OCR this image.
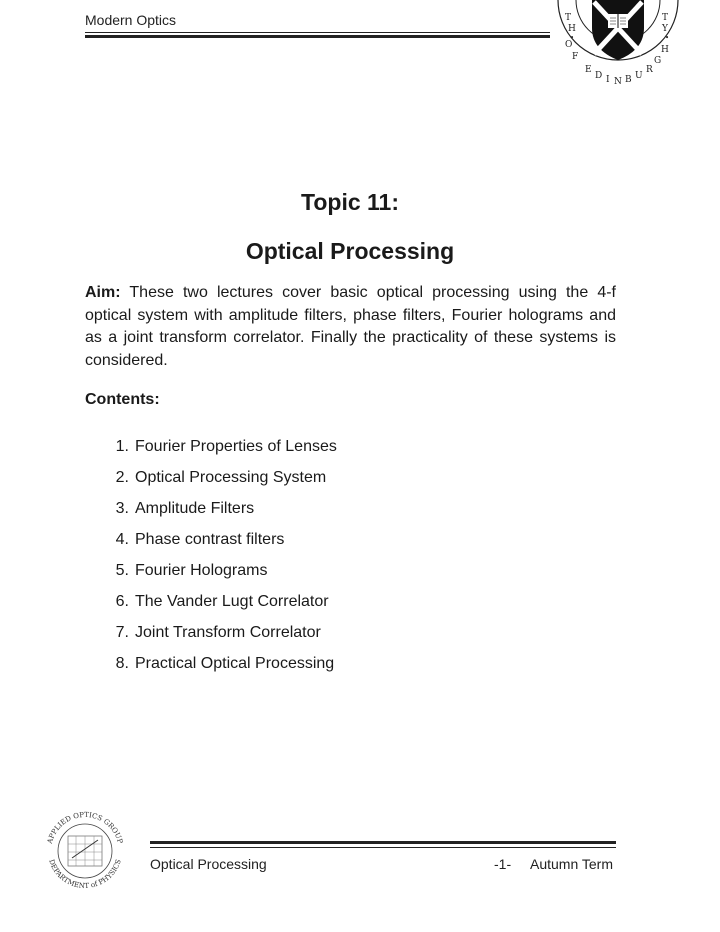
Modern Optics	T
H
•
O
F
E
D I N B U
R
G
H
T
Y
•
Topic 11:
Optical Processing
Aim: These two lectures cover basic optical processing using the 4-f optical system with amplitude filters, phase filters, Fourier holograms and as a joint transform correlator. Finally the practicality of these systems is considered.
Contents:
1. Fourier Properties of Lenses
2. Optical Processing System
3. Amplitude Filters
4. Phase contrast filters
5. Fourier Holograms
6. The Vander Lugt Correlator
7. Joint Transform Correlator
8. Practical Optical Processing
APPLIED OPTICS GROUP
DEPARTMENT of PHYSICS Optical Processing	-1- Autumn Term
